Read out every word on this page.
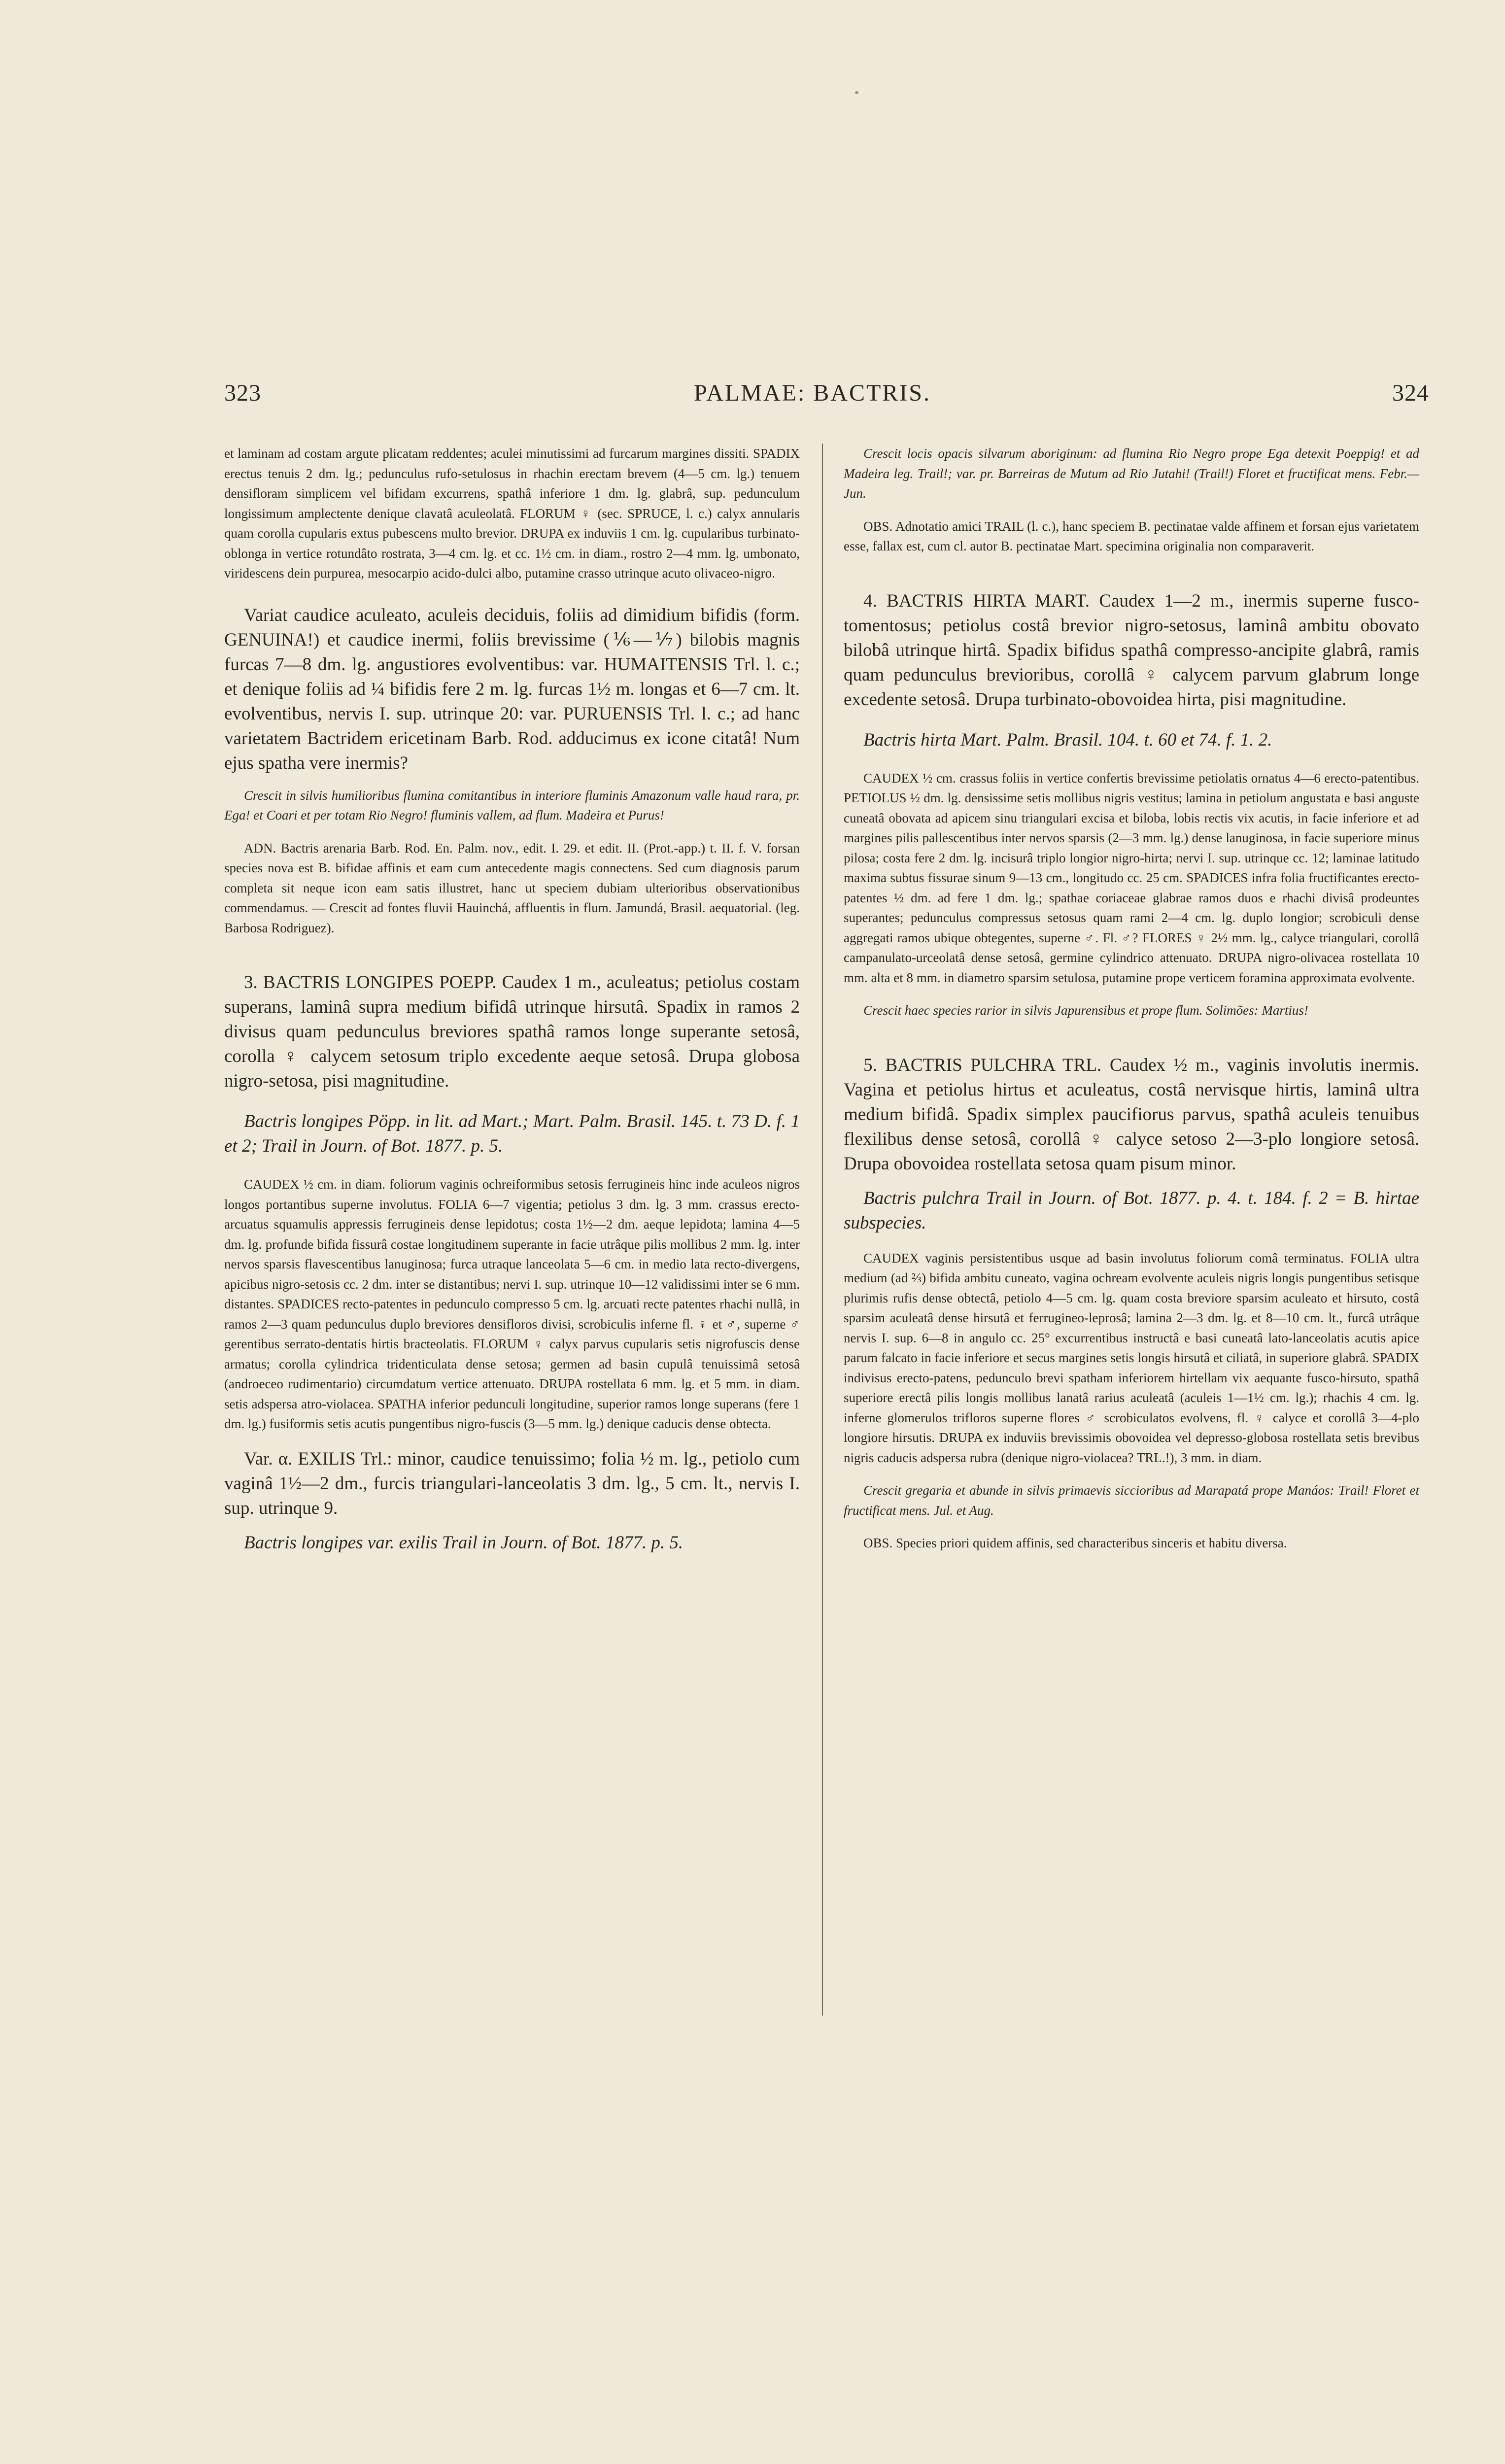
323	PALMAE: BACTRIS.	324

et laminam ad costam argute plicatam reddentes; aculei minutissimi ad furcarum margines dissiti. SPADIX erectus tenuis 2 dm. lg.; pedunculus rufo-setulosus in rhachin erectam brevem (4—5 cm. lg.) tenuem densifloram simplicem vel bifidam excurrens, spathâ inferiore 1 dm. lg. glabrâ, sup. pedunculum longissimum amplectente denique clavatâ aculeolatâ. FLORUM ♀ (sec. SPRUCE, l. c.) calyx annularis quam corolla cupularis extus pubescens multo brevior. DRUPA ex induviis 1 cm. lg. cupularibus turbinato-oblonga in vertice rotundâto rostrata, 3—4 cm. lg. et cc. 1½ cm. in diam., rostro 2—4 mm. lg. umbonato, viridescens dein purpurea, mesocarpio acido-dulci albo, putamine crasso utrinque acuto olivaceo-nigro.

Variat caudice aculeato, aculeis deciduis, foliis ad dimidium bifidis (form. GENUINA!) et caudice inermi, foliis brevissime (⅙—⅐) bilobis magnis furcas 7—8 dm. lg. angustiores evolventibus: var. HUMAITENSIS Trl. l. c.; et denique foliis ad ¼ bifidis fere 2 m. lg. furcas 1½ m. longas et 6—7 cm. lt. evolventibus, nervis I. sup. utrinque 20: var. PURUENSIS Trl. l. c.; ad hanc varietatem Bactridem ericetinam Barb. Rod. adducimus ex icone citatâ! Num ejus spatha vere inermis?

Crescit in silvis humilioribus flumina comitantibus in interiore fluminis Amazonum valle haud rara, pr. Ega! et Coari et per totam Rio Negro! fluminis vallem, ad flum. Madeira et Purus!

ADN. Bactris arenaria Barb. Rod. En. Palm. nov., edit. I. 29. et edit. II. (Prot.-app.) t. II. f. V. forsan species nova est B. bifidae affinis et eam cum antecedente magis connectens. Sed cum diagnosis parum completa sit neque icon eam satis illustret, hanc ut speciem dubiam ulterioribus observationibus commendamus. — Crescit ad fontes fluvii Hauinchá, affluentis in flum. Jamundá, Brasil. aequatorial. (leg. Barbosa Rodriguez).

3. BACTRIS LONGIPES POEPP. Caudex 1 m., aculeatus; petiolus costam superans, laminâ supra medium bifidâ utrinque hirsutâ. Spadix in ramos 2 divisus quam pedunculus breviores spathâ ramos longe superante setosâ, corolla ♀ calycem setosum triplo excedente aeque setosâ. Drupa globosa nigro-setosa, pisi magnitudine.

Bactris longipes Pöpp. in lit. ad Mart.; Mart. Palm. Brasil. 145. t. 73 D. f. 1 et 2; Trail in Journ. of Bot. 1877. p. 5.

CAUDEX ½ cm. in diam. foliorum vaginis ochreiformibus setosis ferrugineis hinc inde aculeos nigros longos portantibus superne involutus. FOLIA 6—7 vigentia; petiolus 3 dm. lg. 3 mm. crassus erecto-arcuatus squamulis appressis ferrugineis dense lepidotus; costa 1½—2 dm. aeque lepidota; lamina 4—5 dm. lg. profunde bifida fissurâ costae longitudinem superante in facie utrâque pilis mollibus 2 mm. lg. inter nervos sparsis flavescentibus lanuginosa; furca utraque lanceolata 5—6 cm. in medio lata recto-divergens, apicibus nigro-setosis cc. 2 dm. inter se distantibus; nervi I. sup. utrinque 10—12 validissimi inter se 6 mm. distantes. SPADICES recto-patentes in pedunculo compresso 5 cm. lg. arcuati recte patentes rhachi nullâ, in ramos 2—3 quam pedunculus duplo breviores densifloros divisi, scrobiculis inferne fl. ♀ et ♂, superne ♂ gerentibus serrato-dentatis hirtis bracteolatis. FLORUM ♀ calyx parvus cupularis setis nigrofuscis dense armatus; corolla cylindrica tridenticulata dense setosa; germen ad basin cupulâ tenuissimâ setosâ (androeceo rudimentario) circumdatum vertice attenuato. DRUPA rostellata 6 mm. lg. et 5 mm. in diam. setis adspersa atro-violacea. SPATHA inferior pedunculi longitudine, superior ramos longe superans (fere 1 dm. lg.) fusiformis setis acutis pungentibus nigro-fuscis (3—5 mm. lg.) denique caducis dense obtecta.

Var. α. EXILIS Trl.: minor, caudice tenuissimo; folia ½ m. lg., petiolo cum vaginâ 1½—2 dm., furcis triangulari-lanceolatis 3 dm. lg., 5 cm. lt., nervis I. sup. utrinque 9.

Bactris longipes var. exilis Trail in Journ. of Bot. 1877. p. 5.

Crescit locis opacis silvarum aboriginum: ad flumina Rio Negro prope Ega detexit Poeppig! et ad Madeira leg. Trail!; var. pr. Barreiras de Mutum ad Rio Jutahi! (Trail!) Floret et fructificat mens. Febr.—Jun.

OBS. Adnotatio amici TRAIL (l. c.), hanc speciem B. pectinatae valde affinem et forsan ejus varietatem esse, fallax est, cum cl. autor B. pectinatae Mart. specimina originalia non comparaverit.

4. BACTRIS HIRTA MART. Caudex 1—2 m., inermis superne fusco-tomentosus; petiolus costâ brevior nigro-setosus, laminâ ambitu obovato bilobâ utrinque hirtâ. Spadix bifidus spathâ compresso-ancipite glabrâ, ramis quam pedunculus brevioribus, corollâ ♀ calycem parvum glabrum longe excedente setosâ. Drupa turbinato-obovoidea hirta, pisi magnitudine.

Bactris hirta Mart. Palm. Brasil. 104. t. 60 et 74. f. 1. 2.

CAUDEX ½ cm. crassus foliis in vertice confertis brevissime petiolatis ornatus 4—6 erecto-patentibus. PETIOLUS ½ dm. lg. densissime setis mollibus nigris vestitus; lamina in petiolum angustata e basi anguste cuneatâ obovata ad apicem sinu triangulari excisa et biloba, lobis rectis vix acutis, in facie inferiore et ad margines pilis pallescentibus inter nervos sparsis (2—3 mm. lg.) dense lanuginosa, in facie superiore minus pilosa; costa fere 2 dm. lg. incisurâ triplo longior nigro-hirta; nervi I. sup. utrinque cc. 12; laminae latitudo maxima subtus fissurae sinum 9—13 cm., longitudo cc. 25 cm. SPADICES infra folia fructificantes erecto-patentes ½ dm. ad fere 1 dm. lg.; spathae coriaceae glabrae ramos duos e rhachi divisâ prodeuntes superantes; pedunculus compressus setosus quam rami 2—4 cm. lg. duplo longior; scrobiculi dense aggregati ramos ubique obtegentes, superne ♂. Fl. ♂? FLORES ♀ 2½ mm. lg., calyce triangulari, corollâ campanulato-urceolatâ dense setosâ, germine cylindrico attenuato. DRUPA nigro-olivacea rostellata 10 mm. alta et 8 mm. in diametro sparsim setulosa, putamine prope verticem foramina approximata evolvente.

Crescit haec species rarior in silvis Japurensibus et prope flum. Solimões: Martius!

5. BACTRIS PULCHRA TRL. Caudex ½ m., vaginis involutis inermis. Vagina et petiolus hirtus et aculeatus, costâ nervisque hirtis, laminâ ultra medium bifidâ. Spadix simplex paucifiorus parvus, spathâ aculeis tenuibus flexilibus dense setosâ, corollâ ♀ calyce setoso 2—3-plo longiore setosâ. Drupa obovoidea rostellata setosa quam pisum minor.

Bactris pulchra Trail in Journ. of Bot. 1877. p. 4. t. 184. f. 2 = B. hirtae subspecies.

CAUDEX vaginis persistentibus usque ad basin involutus foliorum comâ terminatus. FOLIA ultra medium (ad ⅔) bifida ambitu cuneato, vagina ochream evolvente aculeis nigris longis pungentibus setisque plurimis rufis dense obtectâ, petiolo 4—5 cm. lg. quam costa breviore sparsim aculeato et hirsuto, costâ sparsim aculeatâ dense hirsutâ et ferrugineo-leprosâ; lamina 2—3 dm. lg. et 8—10 cm. lt., furcâ utrâque nervis I. sup. 6—8 in angulo cc. 25° excurrentibus instructâ e basi cuneatâ lato-lanceolatis acutis apice parum falcato in facie inferiore et secus margines setis longis hirsutâ et ciliatâ, in superiore glabrâ. SPADIX indivisus erecto-patens, pedunculo brevi spatham inferiorem hirtellam vix aequante fusco-hirsuto, spathâ superiore erectâ pilis longis mollibus lanatâ rarius aculeatâ (aculeis 1—1½ cm. lg.); rhachis 4 cm. lg. inferne glomerulos trifloros superne flores ♂ scrobiculatos evolvens, fl. ♀ calyce et corollâ 3—4-plo longiore hirsutis. DRUPA ex induviis brevissimis obovoidea vel depresso-globosa rostellata setis brevibus nigris caducis adspersa rubra (denique nigro-violacea? TRL.!), 3 mm. in diam.

Crescit gregaria et abunde in silvis primaevis siccioribus ad Marapatá prope Manáos: Trail! Floret et fructificat mens. Jul. et Aug.

OBS. Species priori quidem affinis, sed characteribus sinceris et habitu diversa.
